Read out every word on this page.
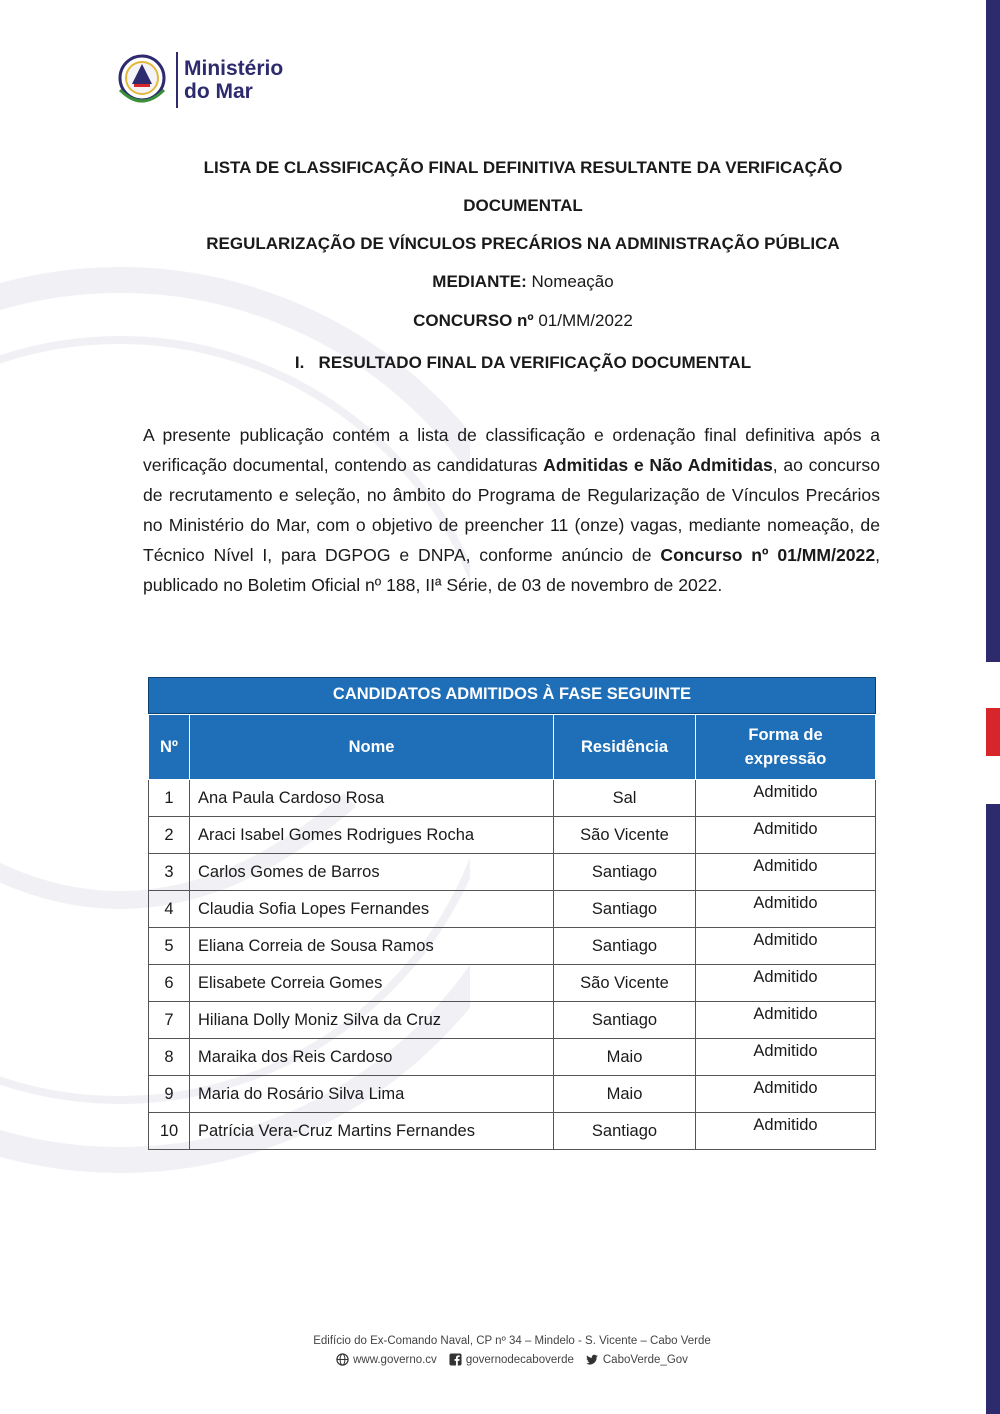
Ministério
do Mar
LISTA DE CLASSIFICAÇÃO FINAL DEFINITIVA RESULTANTE DA VERIFICAÇÃO
DOCUMENTAL
REGULARIZAÇÃO DE VÍNCULOS PRECÁRIOS NA ADMINISTRAÇÃO PÚBLICA
MEDIANTE: Nomeação
CONCURSO nº 01/MM/2022
I.   RESULTADO FINAL DA VERIFICAÇÃO DOCUMENTAL
A presente publicação contém a lista de classificação e ordenação final definitiva após a verificação documental, contendo as candidaturas Admitidas e Não Admitidas, ao concurso de recrutamento e seleção, no âmbito do Programa de Regularização de Vínculos Precários no Ministério do Mar, com o objetivo de preencher 11 (onze) vagas, mediante nomeação, de Técnico Nível I, para DGPOG e DNPA, conforme anúncio de Concurso nº 01/MM/2022, publicado no Boletim Oficial nº 188, IIª Série, de 03 de novembro de 2022.
CANDIDATOS ADMITIDOS À FASE SEGUINTE
Nº	Nome	Residência	Forma de
expressão
1	Ana Paula Cardoso Rosa	Sal	Admitido
2	Araci Isabel Gomes Rodrigues Rocha	São Vicente	Admitido
3	Carlos Gomes de Barros	Santiago	Admitido
4	Claudia Sofia Lopes Fernandes	Santiago	Admitido
5	Eliana Correia de Sousa Ramos	Santiago	Admitido
6	Elisabete Correia Gomes	São Vicente	Admitido
7	Hiliana Dolly Moniz Silva da Cruz	Santiago	Admitido
8	Maraika dos Reis Cardoso	Maio	Admitido
9	Maria do Rosário Silva Lima	Maio	Admitido
10	Patrícia Vera-Cruz Martins Fernandes	Santiago	Admitido
Edifício do Ex-Comando Naval, CP nº 34 – Mindelo - S. Vicente – Cabo Verde
www.governo.cv	governodecaboverde	CaboVerde_Gov
